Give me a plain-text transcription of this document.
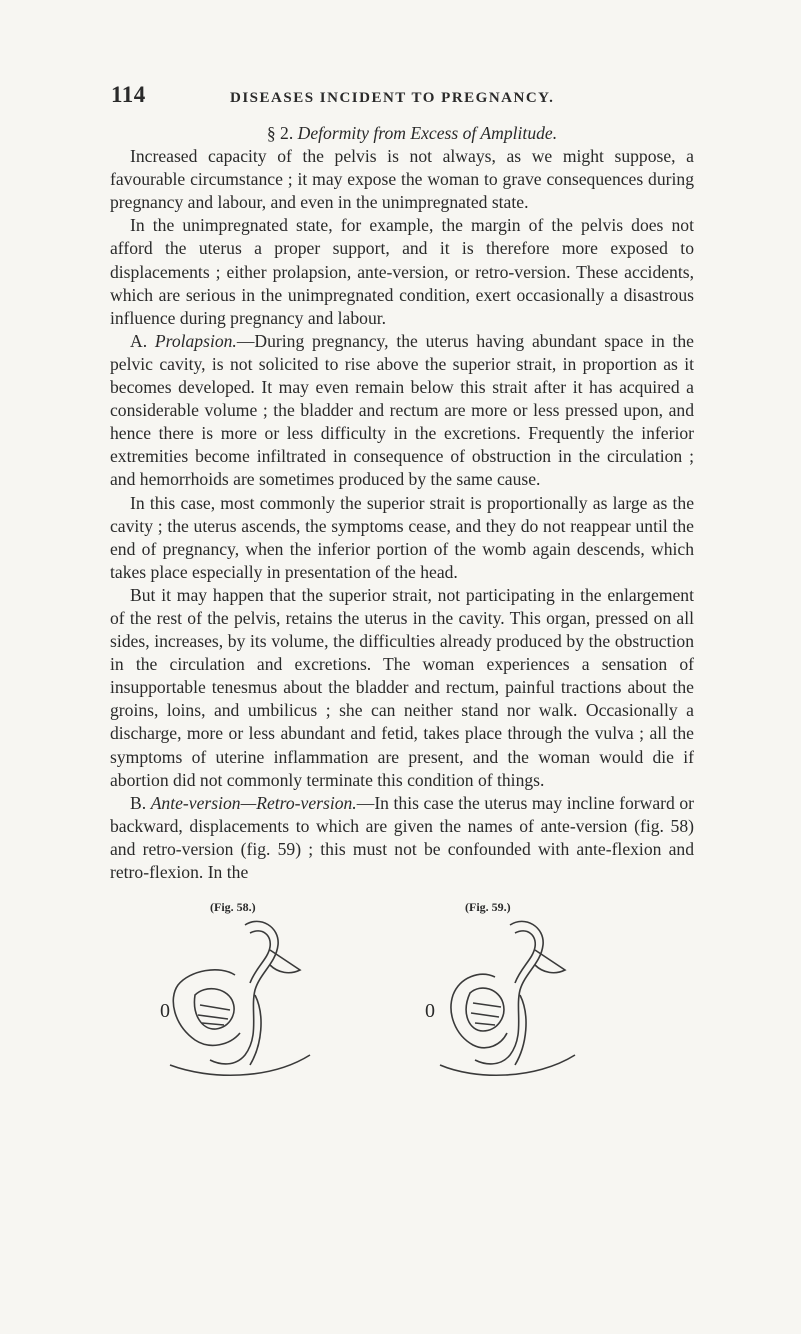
114	DISEASES INCIDENT TO PREGNANCY.

§ 2. Deformity from Excess of Amplitude.

Increased capacity of the pelvis is not always, as we might suppose, a favourable circumstance ; it may expose the woman to grave consequences during pregnancy and labour, and even in the unimpregnated state.

In the unimpregnated state, for example, the margin of the pelvis does not afford the uterus a proper support, and it is therefore more exposed to displacements ; either prolapsion, ante-version, or retro-version. These accidents, which are serious in the unimpregnated condition, exert occasionally a disastrous influence during pregnancy and labour.

A. Prolapsion.—During pregnancy, the uterus having abundant space in the pelvic cavity, is not solicited to rise above the superior strait, in proportion as it becomes developed. It may even remain below this strait after it has acquired a considerable volume ; the bladder and rectum are more or less pressed upon, and hence there is more or less difficulty in the excretions. Frequently the inferior extremities become infiltrated in consequence of obstruction in the circulation ; and hemorrhoids are sometimes produced by the same cause.

In this case, most commonly the superior strait is proportionally as large as the cavity ; the uterus ascends, the symptoms cease, and they do not reappear until the end of pregnancy, when the inferior portion of the womb again descends, which takes place especially in presentation of the head.

But it may happen that the superior strait, not participating in the enlargement of the rest of the pelvis, retains the uterus in the cavity. This organ, pressed on all sides, increases, by its volume, the difficulties already produced by the obstruction in the circulation and excretions. The woman experiences a sensation of insupportable tenesmus about the bladder and rectum, painful tractions about the groins, loins, and umbilicus ; she can neither stand nor walk. Occasionally a discharge, more or less abundant and fetid, takes place through the vulva ; all the symptoms of uterine inflammation are present, and the woman would die if abortion did not commonly terminate this condition of things.

B. Ante-version—Retro-version.—In this case the uterus may incline forward or backward, displacements to which are given the names of ante-version (fig. 58) and retro-version (fig. 59) ; this must not be confounded with ante-flexion and retro-flexion. In the

(Fig. 58.)
0
(Fig. 59.)
0
